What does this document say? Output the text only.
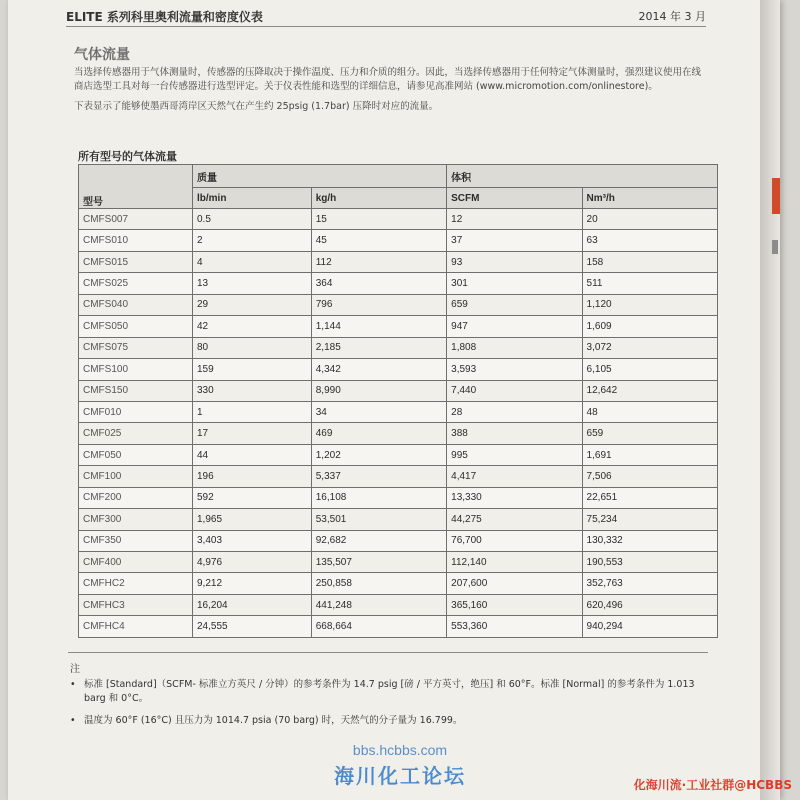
ELITE 系列科里奥利流量和密度仪表	2014 年 3 月
气体流量

当选择传感器用于气体测量时，传感器的压降取决于操作温度、压力和介质的组分。因此，当选择传感器用于任何特定气体测量时，强烈建议使用在线商店选型工具对每一台传感器进行选型评定。关于仪表性能和选型的详细信息，请参见高准网站 (www.micromotion.com/onlinestore)。

下表显示了能够使墨西哥湾岸区天然气在产生约 25psig (1.7bar) 压降时对应的流量。

所有型号的气体流量
型号	质量		体积	
	lb/min	kg/h	SCFM	Nm³/h
CMFS007	0.5	15	12	20
CMFS010	2	45	37	63
CMFS015	4	112	93	158
CMFS025	13	364	301	511
CMFS040	29	796	659	1,120
CMFS050	42	1,144	947	1,609
CMFS075	80	2,185	1,808	3,072
CMFS100	159	4,342	3,593	6,105
CMFS150	330	8,990	7,440	12,642
CMF010	1	34	28	48
CMF025	17	469	388	659
CMF050	44	1,202	995	1,691
CMF100	196	5,337	4,417	7,506
CMF200	592	16,108	13,330	22,651
CMF300	1,965	53,501	44,275	75,234
CMF350	3,403	92,682	76,700	130,332
CMF400	4,976	135,507	112,140	190,553
CMFHC2	9,212	250,858	207,600	352,763
CMFHC3	16,204	441,248	365,160	620,496
CMFHC4	24,555	668,664	553,360	940,294
注
• 标准 [Standard]（SCFM- 标准立方英尺 / 分钟）的参考条件为 14.7 psig [磅 / 平方英寸，绝压] 和 60°F。标准 [Normal] 的参考条件为 1.013 barg 和 0°C。
• 温度为 60°F (16°C) 且压力为 1014.7 psia (70 barg) 时，天然气的分子量为 16.799。
bbs.hcbbs.com
海川化工论坛	化海川流·工业社群@HCBBS
